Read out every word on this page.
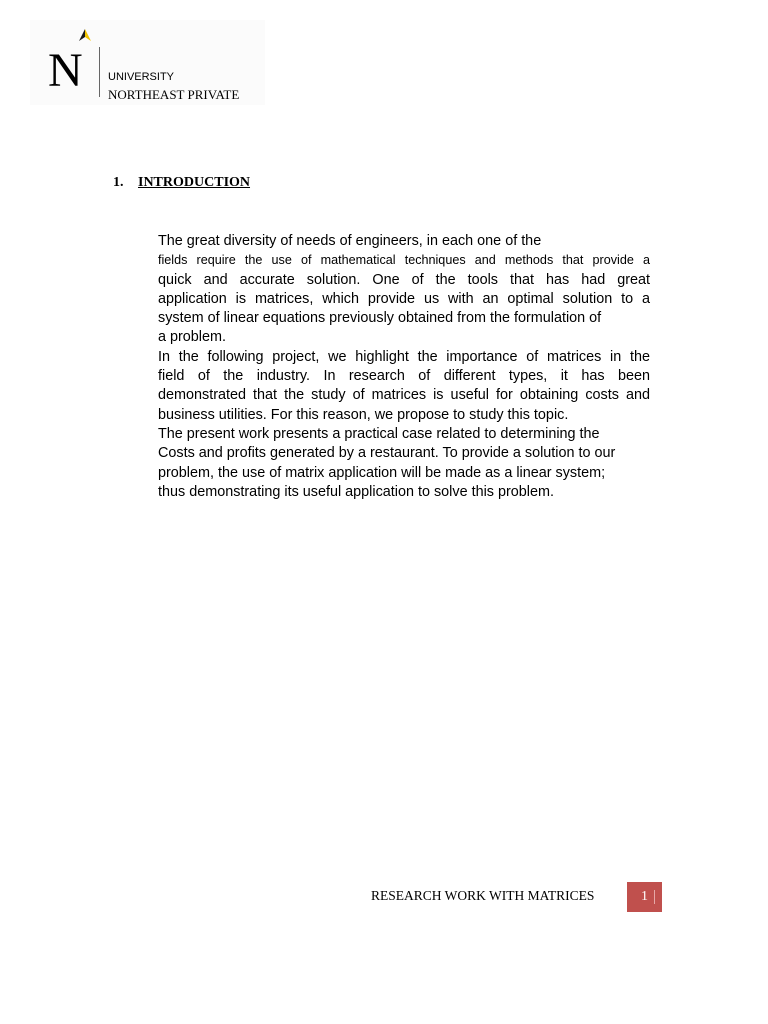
N UNIVERSITY
NORTHEAST PRIVATE
1. INTRODUCTION
The great diversity of needs of engineers, in each one of the
fields require the use of mathematical techniques and methods that provide a
quick and accurate solution. One of the tools that has had great
application is matrices, which provide us with an optimal solution to a
system of linear equations previously obtained from the formulation of
a problem.
In the following project, we highlight the importance of matrices in the
field of the industry. In research of different types, it has been
demonstrated that the study of matrices is useful for obtaining costs and
business utilities. For this reason, we propose to study this topic.
The present work presents a practical case related to determining the
Costs and profits generated by a restaurant. To provide a solution to our
problem, the use of matrix application will be made as a linear system;
thus demonstrating its useful application to solve this problem.
RESEARCH WORK WITH MATRICES	1
